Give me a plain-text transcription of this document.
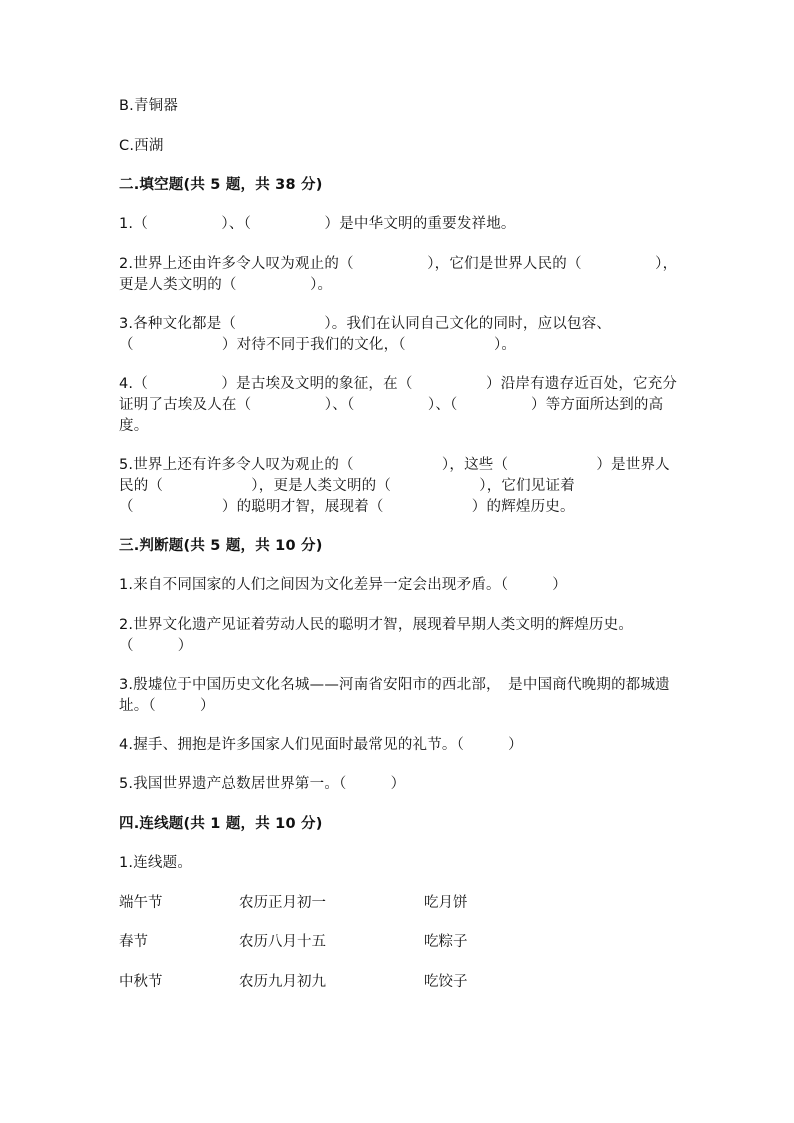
B.青铜器
C.西湖
二.填空题(共 5 题，共 38 分)
1.（　　　　　）、（　　　　　）是中华文明的重要发祥地。
2.世界上还由许多令人叹为观止的（　　　　　），它们是世界人民的（　　　　　），更是人类文明的（　　　　　）。
3.各种文化都是（　　　　　　）。我们在认同自己文化的同时，应以包容、（　　　　　　）对待不同于我们的文化，（　　　　　　）。
4.（　　　　　）是古埃及文明的象征，在（　　　　　）沿岸有遗存近百处，它充分证明了古埃及人在（　　　　　）、（　　　　　）、（　　　　　）等方面所达到的高度。
5.世界上还有许多令人叹为观止的（　　　　　　），这些（　　　　　　）是世界人民的（　　　　　　），更是人类文明的（　　　　　　），它们见证着（　　　　　　）的聪明才智，展现着（　　　　　　）的辉煌历史。
三.判断题(共 5 题，共 10 分)
1.来自不同国家的人们之间因为文化差异一定会出现矛盾。（　　　）
2.世界文化遗产见证着劳动人民的聪明才智，展现着早期人类文明的辉煌历史。（　　　）
3.殷墟位于中国历史文化名城——河南省安阳市的西北部，　是中国商代晚期的都城遗址。（　　　）
4.握手、拥抱是许多国家人们见面时最常见的礼节。（　　　）
5.我国世界遗产总数居世界第一。（　　　）
四.连线题(共 1 题，共 10 分)
1.连线题。
端午节	农历正月初一	吃月饼
春节	农历八月十五	吃粽子
中秋节	农历九月初九	吃饺子
